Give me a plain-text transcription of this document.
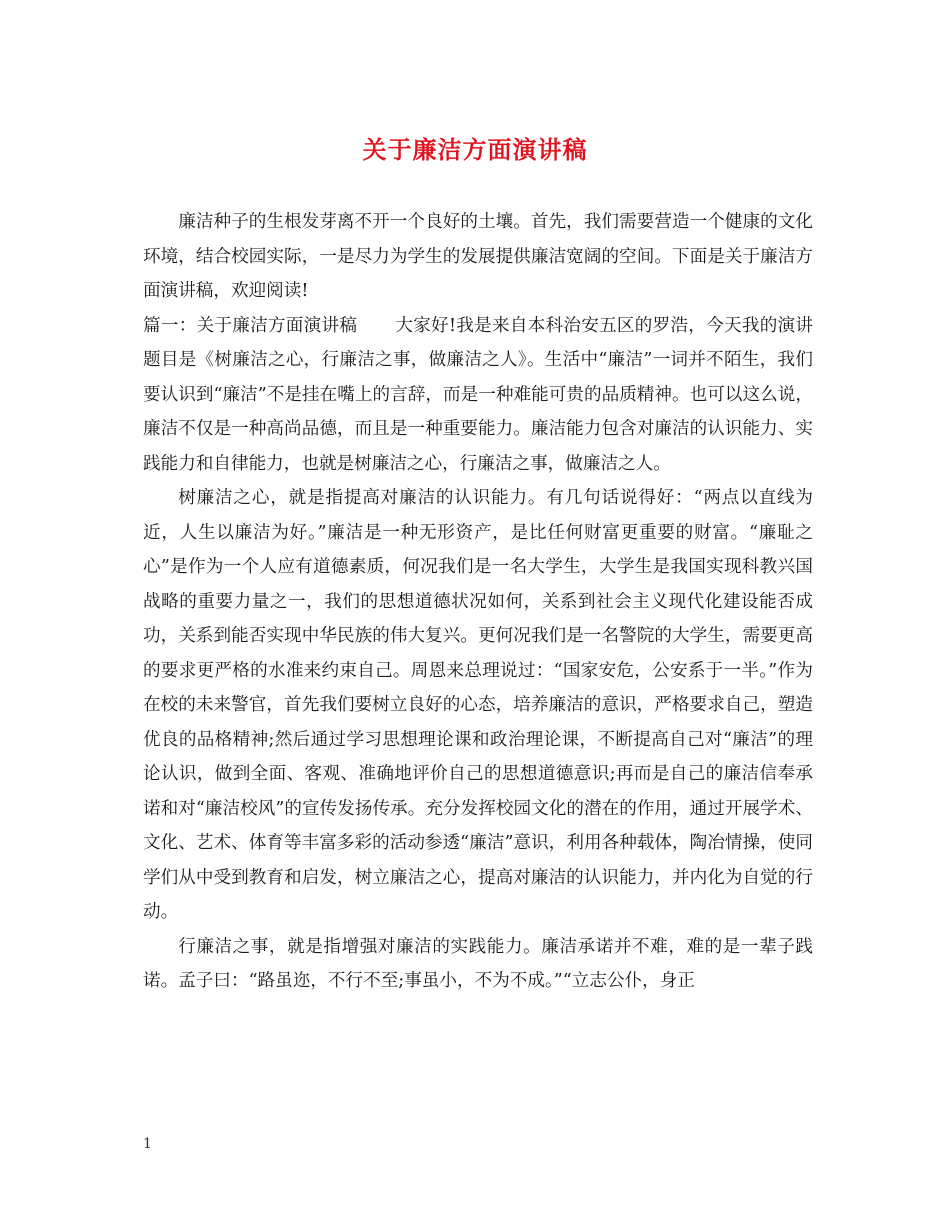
关于廉洁方面演讲稿

廉洁种子的生根发芽离不开一个良好的土壤。首先，我们需要营造一个健康的文化环境，结合校园实际，一是尽力为学生的发展提供廉洁宽阔的空间。下面是关于廉洁方面演讲稿，欢迎阅读!

篇一：关于廉洁方面演讲稿 大家好!我是来自本科治安五区的罗浩，今天我的演讲题目是《树廉洁之心，行廉洁之事，做廉洁之人》。生活中“廉洁”一词并不陌生，我们要认识到“廉洁”不是挂在嘴上的言辞，而是一种难能可贵的品质精神。也可以这么说，廉洁不仅是一种高尚品德，而且是一种重要能力。廉洁能力包含对廉洁的认识能力、实践能力和自律能力，也就是树廉洁之心，行廉洁之事，做廉洁之人。

树廉洁之心，就是指提高对廉洁的认识能力。有几句话说得好：“两点以直线为近，人生以廉洁为好。”廉洁是一种无形资产，是比任何财富更重要的财富。“廉耻之心”是作为一个人应有道德素质，何况我们是一名大学生，大学生是我国实现科教兴国战略的重要力量之一，我们的思想道德状况如何，关系到社会主义现代化建设能否成功，关系到能否实现中华民族的伟大复兴。更何况我们是一名警院的大学生，需要更高的要求更严格的水准来约束自己。周恩来总理说过：“国家安危，公安系于一半。”作为在校的未来警官，首先我们要树立良好的心态，培养廉洁的意识，严格要求自己，塑造优良的品格精神;然后通过学习思想理论课和政治理论课，不断提高自己对“廉洁”的理论认识，做到全面、客观、准确地评价自己的思想道德意识;再而是自己的廉洁信奉承诺和对“廉洁校风”的宣传发扬传承。充分发挥校园文化的潜在的作用，通过开展学术、文化、艺术、体育等丰富多彩的活动参透“廉洁”意识，利用各种载体，陶冶情操，使同学们从中受到教育和启发，树立廉洁之心，提高对廉洁的认识能力，并内化为自觉的行动。

行廉洁之事，就是指增强对廉洁的实践能力。廉洁承诺并不难，难的是一辈子践诺。孟子曰：“路虽迩，不行不至;事虽小，不为不成。”“立志公仆，身正

1
